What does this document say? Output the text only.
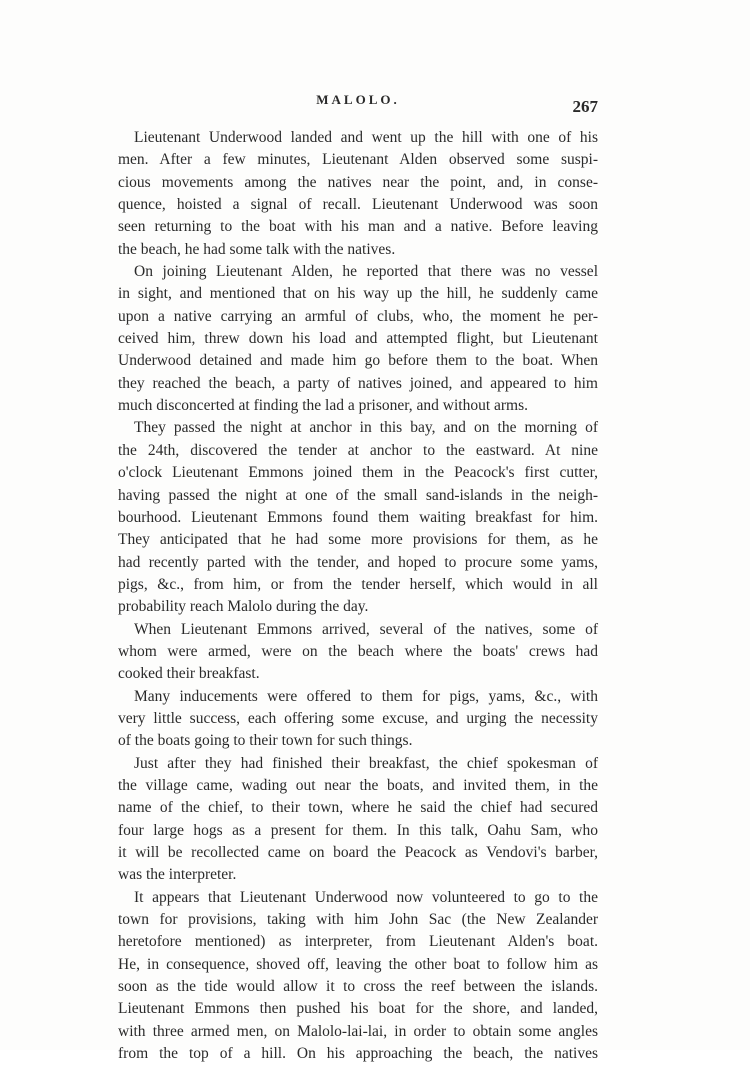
MALOLO.	267
Lieutenant Underwood landed and went up the hill with one of his
men. After a few minutes, Lieutenant Alden observed some suspi-
cious movements among the natives near the point, and, in conse-
quence, hoisted a signal of recall. Lieutenant Underwood was soon
seen returning to the boat with his man and a native. Before leaving
the beach, he had some talk with the natives.
On joining Lieutenant Alden, he reported that there was no vessel
in sight, and mentioned that on his way up the hill, he suddenly came
upon a native carrying an armful of clubs, who, the moment he per-
ceived him, threw down his load and attempted flight, but Lieutenant
Underwood detained and made him go before them to the boat. When
they reached the beach, a party of natives joined, and appeared to him
much disconcerted at finding the lad a prisoner, and without arms.
They passed the night at anchor in this bay, and on the morning of
the 24th, discovered the tender at anchor to the eastward. At nine
o'clock Lieutenant Emmons joined them in the Peacock's first cutter,
having passed the night at one of the small sand-islands in the neigh-
bourhood. Lieutenant Emmons found them waiting breakfast for him.
They anticipated that he had some more provisions for them, as he
had recently parted with the tender, and hoped to procure some yams,
pigs, &c., from him, or from the tender herself, which would in all
probability reach Malolo during the day.
When Lieutenant Emmons arrived, several of the natives, some of
whom were armed, were on the beach where the boats' crews had
cooked their breakfast.
Many inducements were offered to them for pigs, yams, &c., with
very little success, each offering some excuse, and urging the necessity
of the boats going to their town for such things.
Just after they had finished their breakfast, the chief spokesman of
the village came, wading out near the boats, and invited them, in the
name of the chief, to their town, where he said the chief had secured
four large hogs as a present for them. In this talk, Oahu Sam, who
it will be recollected came on board the Peacock as Vendovi's barber,
was the interpreter.
It appears that Lieutenant Underwood now volunteered to go to the
town for provisions, taking with him John Sac (the New Zealander
heretofore mentioned) as interpreter, from Lieutenant Alden's boat.
He, in consequence, shoved off, leaving the other boat to follow him as
soon as the tide would allow it to cross the reef between the islands.
Lieutenant Emmons then pushed his boat for the shore, and landed,
with three armed men, on Malolo-lai-lai, in order to obtain some angles
from the top of a hill. On his approaching the beach, the natives
